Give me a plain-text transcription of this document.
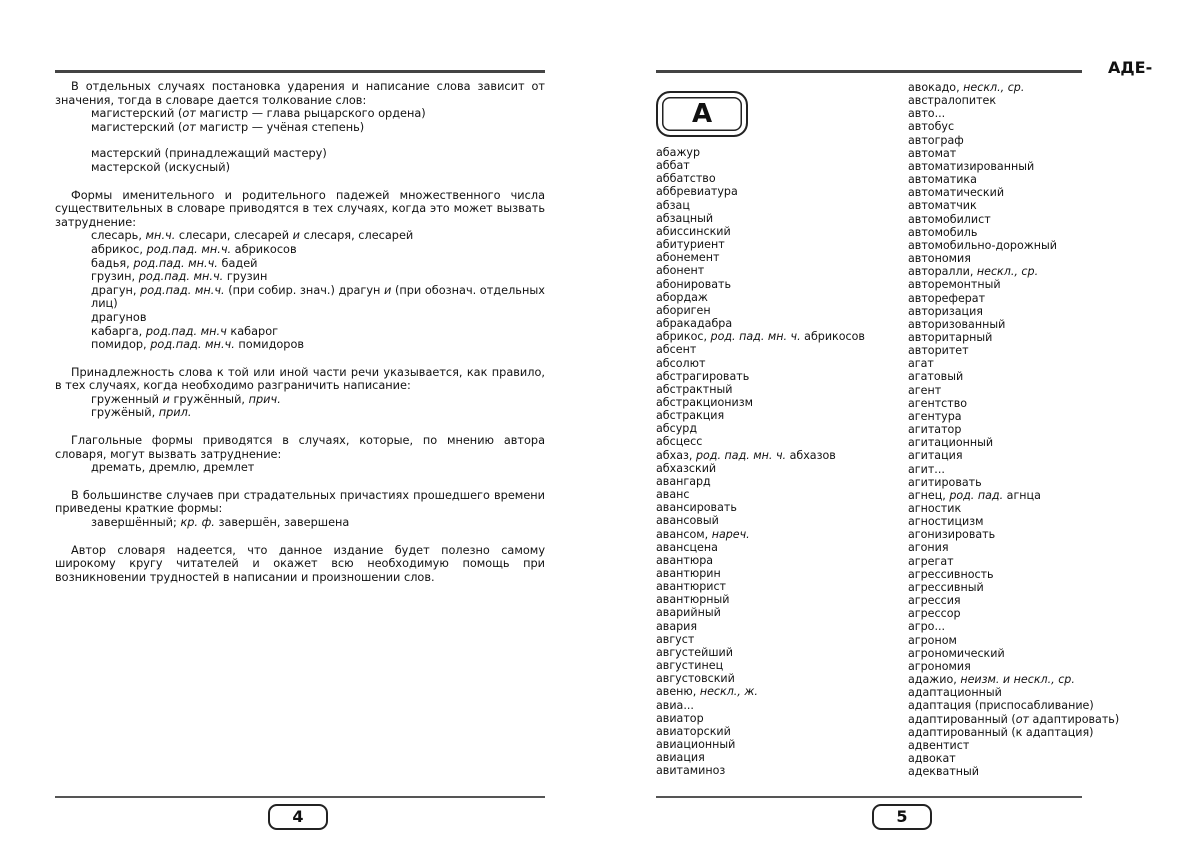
В отдельных случаях постановка ударения и написание слова зависит от значения, тогда в словаре дается толкование слов:

магистерский (от магистр — глава рыцарского ордена)
магистерский (от магистр — учёная степень)
мастерский (принадлежащий мастеру)
мастерской (искусный)

Формы именительного и родительного падежей множественного числа существительных в словаре приводятся в тех случаях, когда это может вызвать затруднение:

слесарь, мн.ч. слесари, слесарей и слесаря, слесарей
абрикос, род.пад. мн.ч. абрикосов
бадья, род.пад. мн.ч. бадей
грузин, род.пад. мн.ч. грузин
драгун, род.пад. мн.ч. (при собир. знач.) драгун и (при обознач. отдельных лиц)
драгунов
кабарга, род.пад. мн.ч кабарог
помидор, род.пад. мн.ч. помидоров

Принадлежность слова к той или иной части речи указывается, как правило, в тех случаях, когда необходимо разграничить написание:

груженный и гружённый, прич.
гружёный, прил.

Глагольные формы приводятся в случаях, которые, по мнению автора словаря, могут вызвать затруднение:

дремать, дремлю, дремлет

В большинстве случаев при страдательных причастиях прошедшего времени приведены краткие формы:

завершённый; кр. ф. завершён, завершена

Автор словаря надеется, что данное издание будет полезно самому широкому кругу читателей и окажет всю необходимую помощь при возникновении трудностей в написании и произношении слов.

4
АДЕ-
А
абажур
аббат
аббатство
аббревиатура
абзац
абзацный
абиссинский
абитуриент
абонемент
абонент
абонировать
абордаж
абориген
абракадабра
абрикос, род. пад. мн. ч. абрикосов
абсент
абсолют
абстрагировать
абстрактный
абстракционизм
абстракция
абсурд
абсцесс
абхаз, род. пад. мн. ч. абхазов
абхазский
авангард
аванс
авансировать
авансовый
авансом, нареч.
авансцена
авантюра
авантюрин
авантюрист
авантюрный
аварийный
авария
август
августейший
августинец
августовский
авеню, нескл., ж.
авиа...
авиатор
авиаторский
авиационный
авиация
авитаминоз
авокадо, нескл., ср.
австралопитек
авто...
автобус
автограф
автомат
автоматизированный
автоматика
автоматический
автоматчик
автомобилист
автомобиль
автомобильно-дорожный
автономия
авторалли, нескл., ср.
авторемонтный
автореферат
авторизация
авторизованный
авторитарный
авторитет
агат
агатовый
агент
агентство
агентура
агитатор
агитационный
агитация
агит...
агитировать
агнец, род. пад. агнца
агностик
агностицизм
агонизировать
агония
агрегат
агрессивность
агрессивный
агрессия
агрессор
агро...
агроном
агрономический
агрономия
адажио, неизм. и нескл., ср.
адаптационный
адаптация (приспосабливание)
адаптированный (от адаптировать)
адаптированный (к адаптация)
адвентист
адвокат
адекватный
5
